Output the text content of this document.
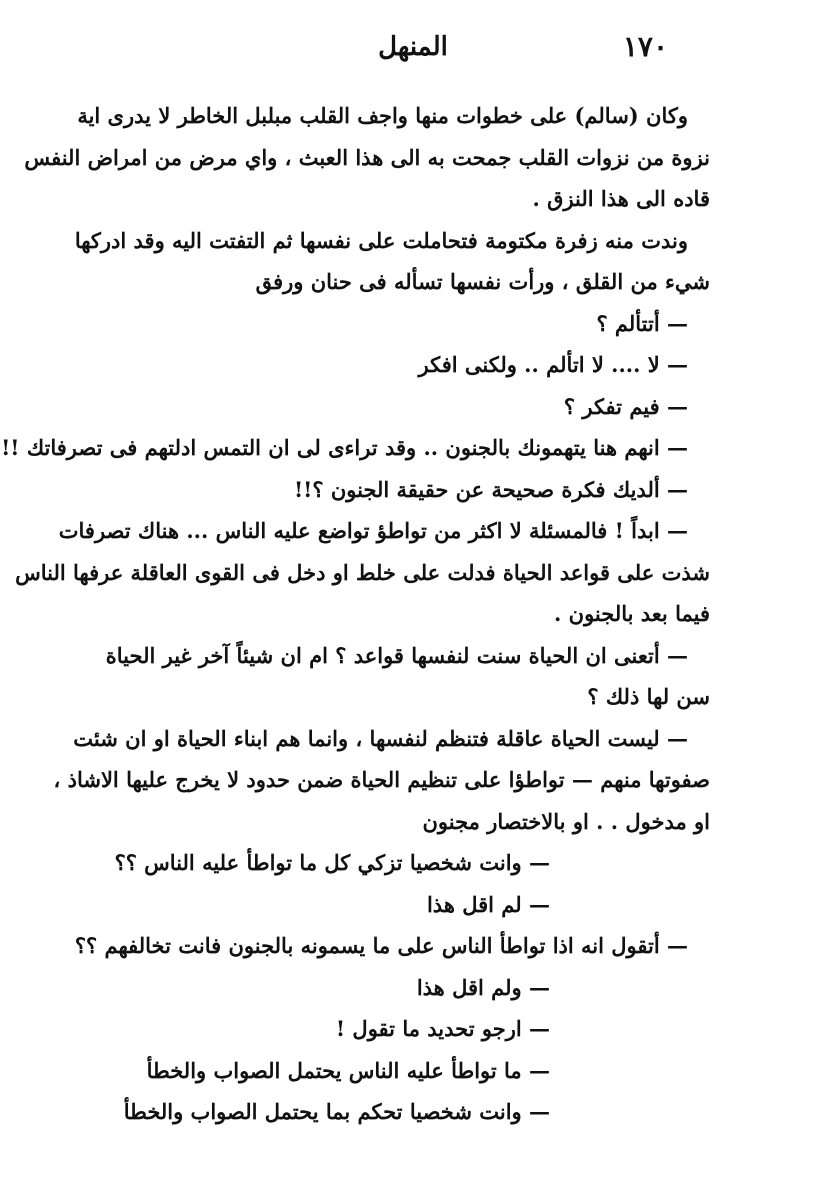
١٧٠
المنهل
وكان (سالم) على خطوات منها واجف القلب مبلبل الخاطر لا يدرى اية
نزوة من نزوات القلب جمحت به الى هذا العبث ، واي مرض من امراض النفس
قاده الى هذا النزق .
وندت منه زفرة مكتومة فتحاملت على نفسها ثم التفتت اليه وقد ادركها
شيء من القلق ، ورأت نفسها تسأله فى حنان ورفق
— أتتألم ؟
— لا .... لا اتألم .. ولكنى افكر
— فيم تفكر ؟
— انهم هنا يتهمونك بالجنون .. وقد تراءى لى ان التمس ادلتهم فى تصرفاتك !!
— ألديك فكرة صحيحة عن حقيقة الجنون ؟!!
— ابداً ! فالمسئلة لا اكثر من تواطؤ تواضع عليه الناس ... هناك تصرفات
شذت على قواعد الحياة فدلت على خلط او دخل فى القوى العاقلة عرفها الناس
فيما بعد بالجنون .
— أتعنى ان الحياة سنت لنفسها قواعد ؟ ام ان شيئاً آخر غير الحياة
سن لها ذلك ؟
— ليست الحياة عاقلة فتنظم لنفسها ، وانما هم ابناء الحياة او ان شئت
صفوتها منهم — تواطؤا على تنظيم الحياة ضمن حدود لا يخرج عليها الاشاذ ،
او مدخول . . او بالاختصار مجنون
— وانت شخصيا تزكي كل ما تواطأ عليه الناس ؟؟
— لم اقل هذا
— أتقول انه اذا تواطأ الناس على ما يسمونه بالجنون فانت تخالفهم ؟؟
— ولم اقل هذا
— ارجو تحديد ما تقول !
— ما تواطأ عليه الناس يحتمل الصواب والخطأ
— وانت شخصيا تحكم بما يحتمل الصواب والخطأ
